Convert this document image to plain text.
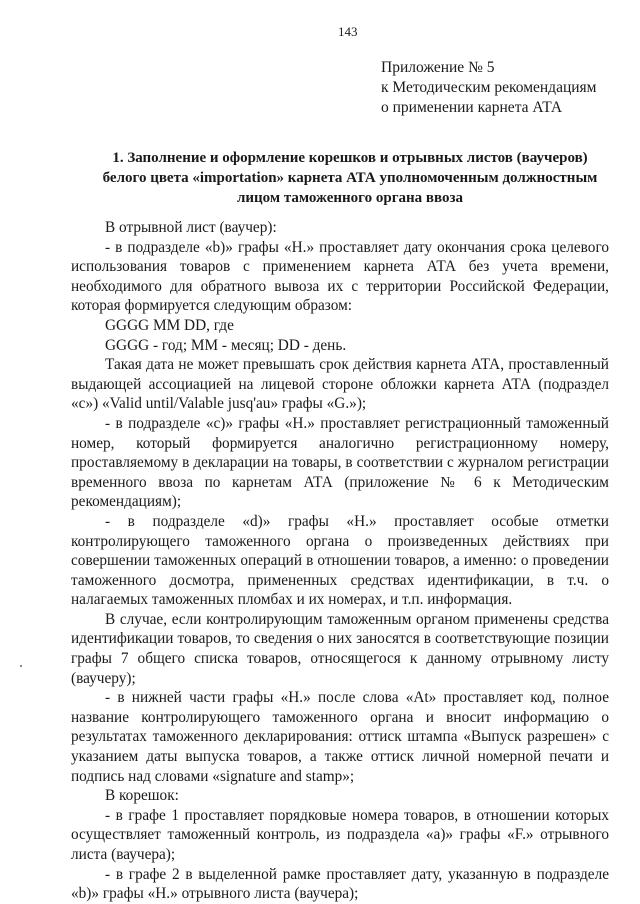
143
Приложение № 5
к Методическим рекомендациям
о применении карнета АТА
1. Заполнение и оформление корешков и отрывных листов (ваучеров) белого цвета «importation» карнета АТА уполномоченным должностным лицом таможенного органа ввоза

В отрывной лист (ваучер):

- в подразделе «b)» графы «H.» проставляет дату окончания срока целевого использования товаров с применением карнета АТА без учета времени, необходимого для обратного вывоза их с территории Российской Федерации, которая формируется следующим образом:

GGGG MM DD, где

GGGG - год; MM - месяц; DD - день.

Такая дата не может превышать срок действия карнета АТА, проставленный выдающей ассоциацией на лицевой стороне обложки карнета АТА (подраздел «c») «Valid until/Valable jusq'au» графы «G.»);

- в подразделе «c)» графы «H.» проставляет регистрационный таможенный номер, который формируется аналогично регистрационному номеру, проставляемому в декларации на товары, в соответствии с журналом регистрации временного ввоза по карнетам АТА (приложение № 6 к Методическим рекомендациям);

- в подразделе «d)» графы «H.» проставляет особые отметки контролирующего таможенного органа о произведенных действиях при совершении таможенных операций в отношении товаров, а именно: о проведении таможенного досмотра, примененных средствах идентификации, в т.ч. о налагаемых таможенных пломбах и их номерах, и т.п. информация.

В случае, если контролирующим таможенным органом применены средства идентификации товаров, то сведения о них заносятся в соответствующие позиции графы 7 общего списка товаров, относящегося к данному отрывному листу (ваучеру);

- в нижней части графы «H.» после слова «At» проставляет код, полное название контролирующего таможенного органа и вносит информацию о результатах таможенного декларирования: оттиск штампа «Выпуск разрешен» с указанием даты выпуска товаров, а также оттиск личной номерной печати и подпись над словами «signature and stamp»;

В корешок:

- в графе 1 проставляет порядковые номера товаров, в отношении которых осуществляет таможенный контроль, из подраздела «a)» графы «F.» отрывного листа (ваучера);

- в графе 2 в выделенной рамке проставляет дату, указанную в подразделе «b)» графы «H.» отрывного листа (ваучера);
